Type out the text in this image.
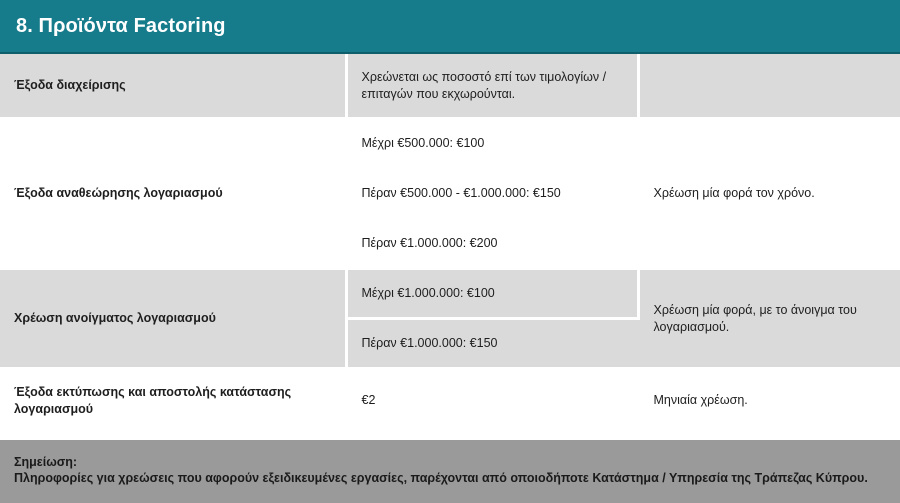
8. Προϊόντα Factoring
Έξοδα διαχείρισης	Χρεώνεται ως ποσοστό επί των τιμολογίων / επιταγών που εκχωρούνται.	
Έξοδα αναθεώρησης λογαριασμού	Μέχρι €500.000: €100	Χρέωση μία φορά τον χρόνο.
	Πέραν €500.000 - €1.000.000: €150	
	Πέραν €1.000.000: €200	
Χρέωση ανοίγματος λογαριασμού	Μέχρι €1.000.000: €100	Χρέωση μία φορά, με το άνοιγμα του λογαριασμού.
	Πέραν €1.000.000: €150	
Έξοδα εκτύπωσης και αποστολής κατάστασης λογαριασμού	€2	Μηνιαία χρέωση.
Σημείωση:
Πληροφορίες για χρεώσεις που αφορούν εξειδικευμένες εργασίες, παρέχονται από οποιοδήποτε Κατάστημα / Υπηρεσία της Τράπεζας Κύπρου.
